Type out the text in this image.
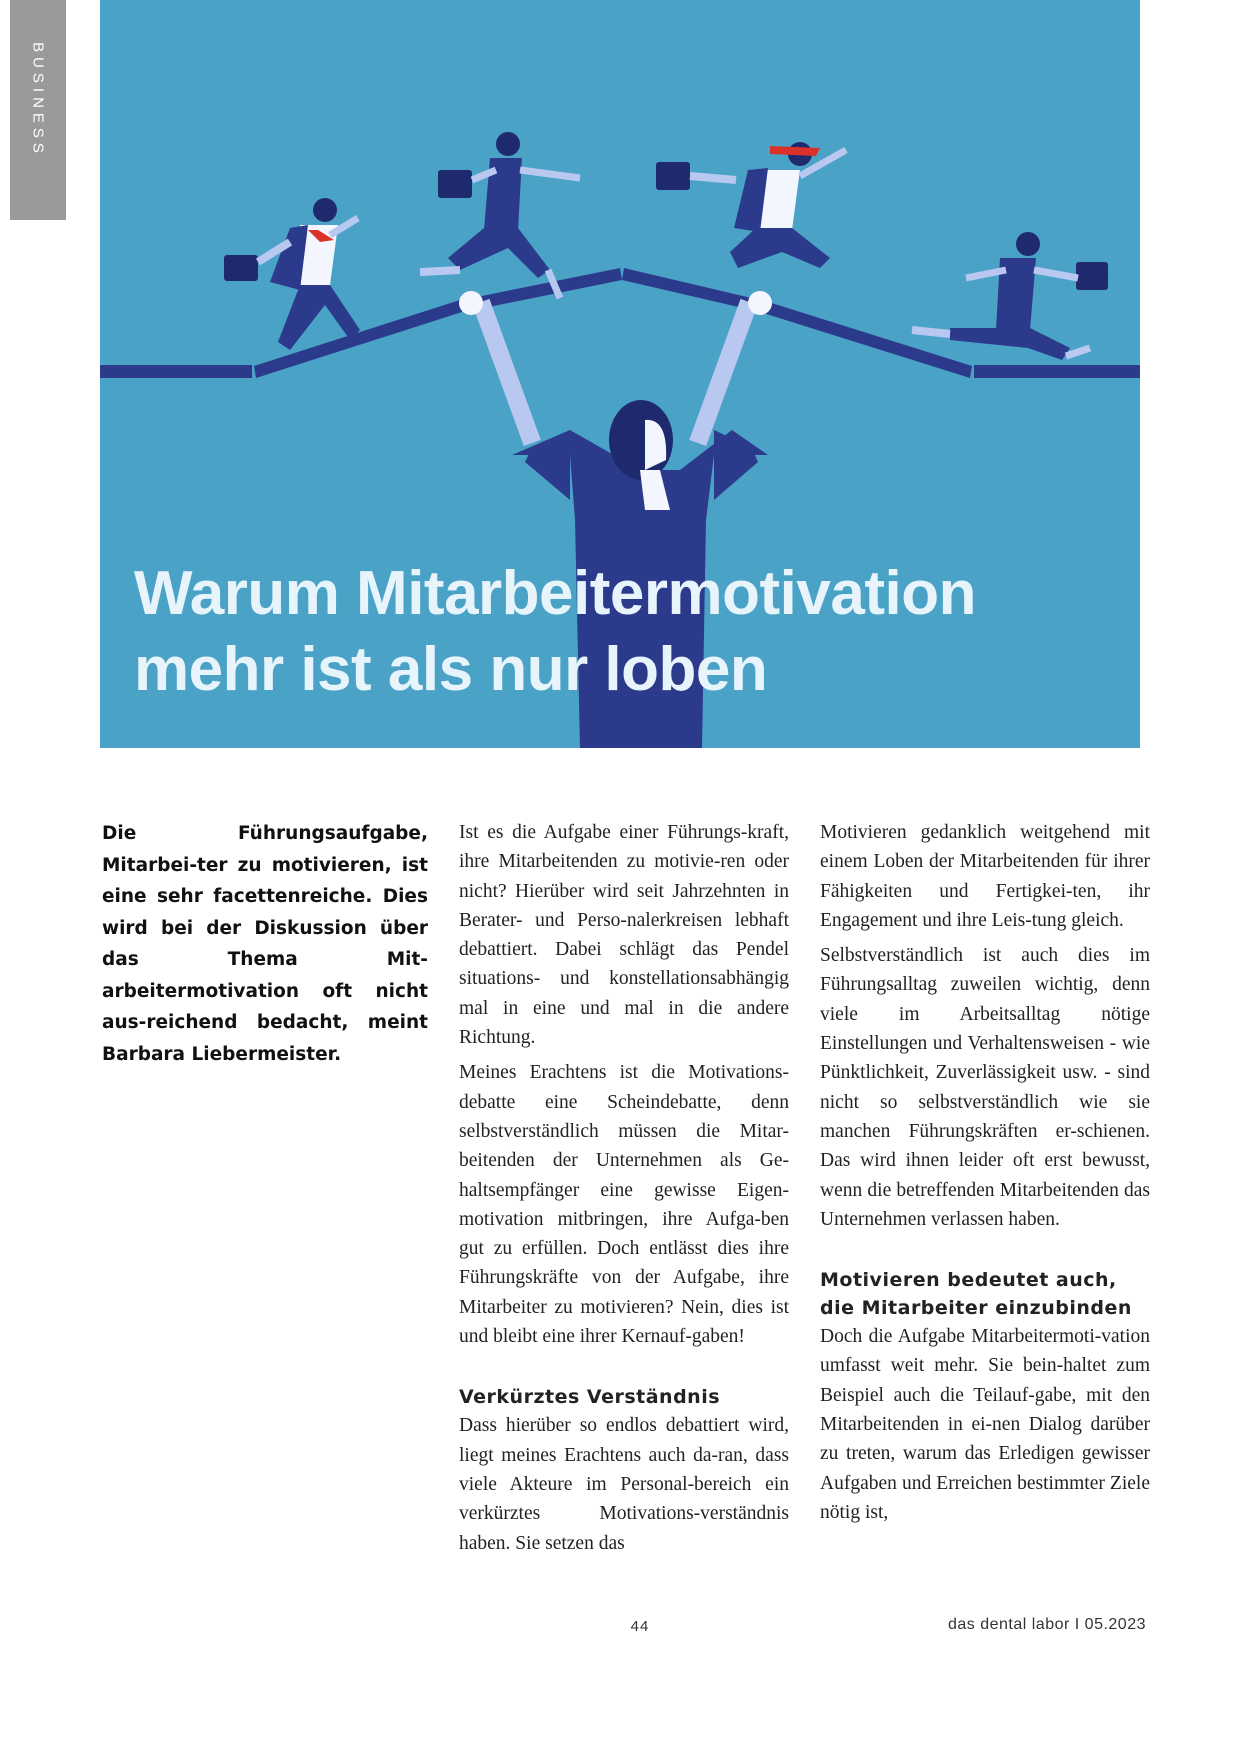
BUSINESS
Warum Mitarbeitermotivation
mehr ist als nur loben

Die Führungsaufgabe, Mitarbei-ter zu motivieren, ist eine sehr facettenreiche. Dies wird bei der Diskussion über das Thema Mit-arbeitermotivation oft nicht aus-reichend bedacht, meint Barbara Liebermeister.

Ist es die Aufgabe einer Führungs-kraft, ihre Mitarbeitenden zu motivie-ren oder nicht? Hierüber wird seit Jahrzehnten in Berater- und Perso-nalerkreisen lebhaft debattiert. Dabei schlägt das Pendel situations- und konstellationsabhängig mal in eine und mal in die andere Richtung.

Meines Erachtens ist die Motivations-debatte eine Scheindebatte, denn selbstverständlich müssen die Mitar-beitenden der Unternehmen als Ge-haltsempfänger eine gewisse Eigen-motivation mitbringen, ihre Aufga-ben gut zu erfüllen. Doch entlässt dies ihre Führungskräfte von der Aufgabe, ihre Mitarbeiter zu motivieren? Nein, dies ist und bleibt eine ihrer Kernauf-gaben!

Verkürztes Verständnis

Dass hierüber so endlos debattiert wird, liegt meines Erachtens auch da-ran, dass viele Akteure im Personal-bereich ein verkürztes Motivations-verständnis haben. Sie setzen das

Motivieren gedanklich weitgehend mit einem Loben der Mitarbeitenden für ihrer Fähigkeiten und Fertigkei-ten, ihr Engagement und ihre Leis-tung gleich.

Selbstverständlich ist auch dies im Führungsalltag zuweilen wichtig, denn viele im Arbeitsalltag nötige Einstellungen und Verhaltensweisen - wie Pünktlichkeit, Zuverlässigkeit usw. - sind nicht so selbstverständlich wie sie manchen Führungskräften er-schienen. Das wird ihnen leider oft erst bewusst, wenn die betreffenden Mitarbeitenden das Unternehmen verlassen haben.

Motivieren bedeutet auch,
die Mitarbeiter einzubinden

Doch die Aufgabe Mitarbeitermoti-vation umfasst weit mehr. Sie bein-haltet zum Beispiel auch die Teilauf-gabe, mit den Mitarbeitenden in ei-nen Dialog darüber zu treten, warum das Erledigen gewisser Aufgaben und Erreichen bestimmter Ziele nötig ist,

44	das dental labor I 05.2023
